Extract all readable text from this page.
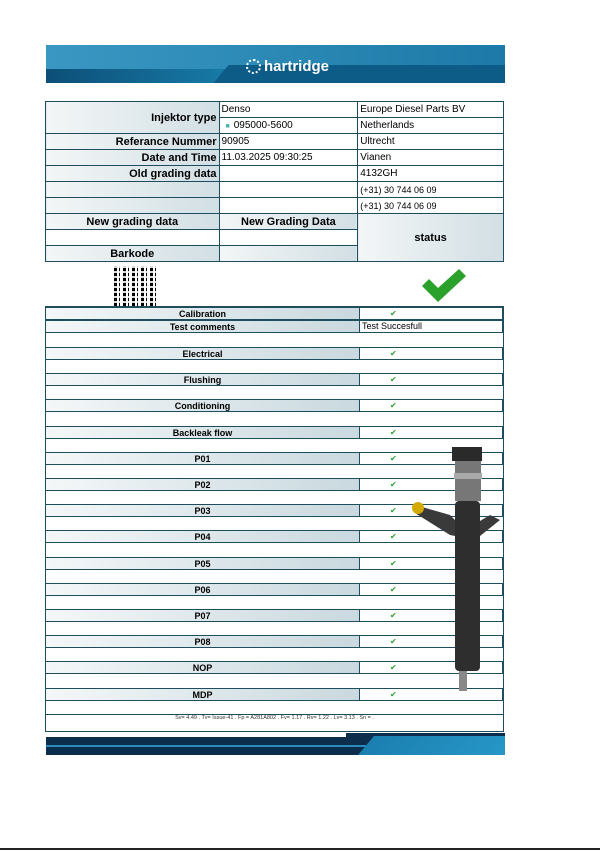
hartridge
Injektor type	Denso	Europe Diesel Parts BV
	■ 095000-5600	Netherlands
Referance Nummer	90905	Ultrecht
Date and Time	11.03.2025 09:30:25	Vianen
Old grading data		4132GH
		(+31) 30 744 06 09
		(+31) 30 744 06 09
New grading data	New Grading Data	status

Barkode		
Calibration	✔
Test comments	Test Succesfull
Sv= 4.49 . Tv= Issue-41 . Fp = A281A802 . Fv= 1.17 . Rv= 1.22 . Lv= 3.13 . Sn = .
Electrical	✔
Flushing	✔
Conditioning	✔
Backleak flow	✔
P01	✔
P02	✔
P03	✔
P04	✔
P05	✔
P06	✔
P07	✔
P08	✔
NOP	✔
MDP	✔
